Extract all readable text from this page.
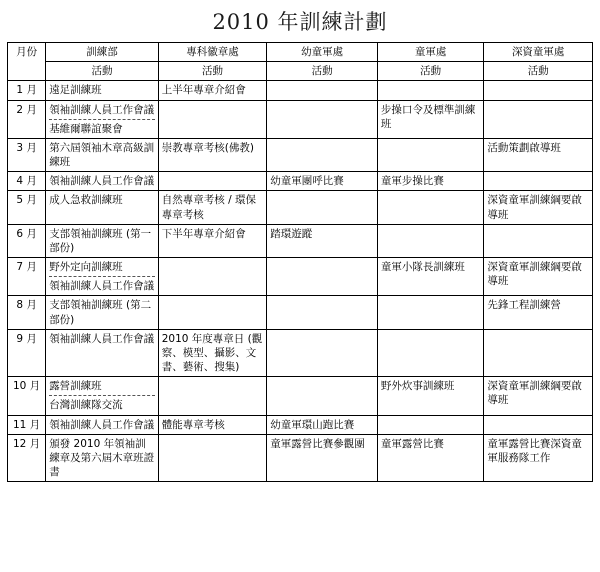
2010 年訓練計劃
月份	訓練部	專科徽章處	幼童軍處	童軍處	深資童軍處
	活動	活動	活動	活動	活動
1 月	遠足訓練班	上半年專章介紹會			

2 月	領袖訓練人員工作會議
基維爾聯誼聚會			步操口令及標準訓練班	

3 月	第六屆領袖木章高級訓練班	崇教專章考核(佛教)			活動策劃啟導班

4 月	領袖訓練人員工作會議		幼童軍團呼比賽	童軍步操比賽	

5 月	成人急救訓練班	自然專章考核 / 環保專章考核			深資童軍訓練綱要啟導班

6 月	支部領袖訓練班 (第一部份)	下半年專章介紹會	踏環遊蹤		

7 月	野外定向訓練班
領袖訓練人員工作會議			童軍小隊長訓練班	深資童軍訓練綱要啟導班

8 月	支部領袖訓練班 (第二部份)				先鋒工程訓練營

9 月	領袖訓練人員工作會議	2010 年度專章日 (觀察、模型、攝影、文書、藝術、搜集)			

10 月	露營訓練班
台灣訓練隊交流			野外炊事訓練班	深資童軍訓練綱要啟導班

11 月	領袖訓練人員工作會議	體能專章考核	幼童軍環山跑比賽		

12 月	頒發 2010 年領袖訓練章及第六屆木章班證書		童軍露營比賽參觀團	童軍露營比賽	童軍露營比賽深資童軍服務隊工作
